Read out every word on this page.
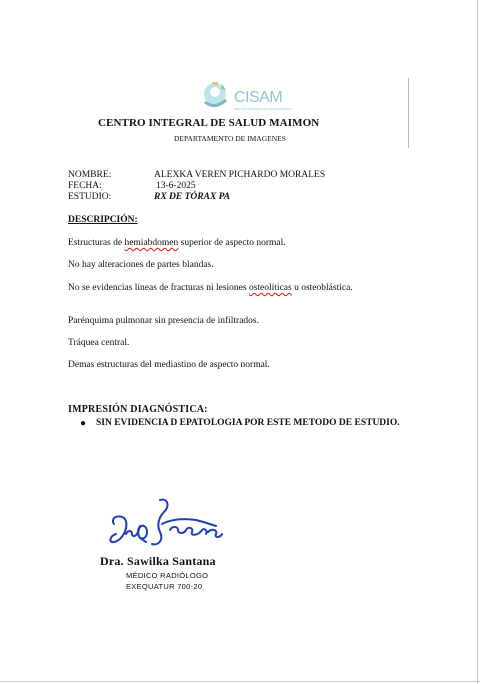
CISAM
CENTRO INTEGRAL DE SALUD MAIMON
CENTRO INTEGRAL DE SALUD MAIMON
DEPARTAMENTO DE IMAGENES
NOMBRE:	ALEXKA VEREN PICHARDO MORALES
FECHA:	13-6-2025
ESTUDIO:	RX DE TÓRAX PA
DESCRIPCIÓN:
Estructuras de hemiabdomen superior de aspecto normal.
No hay alteraciones de partes blandas.
No se evidencias líneas de fracturas ni lesiones osteolíticas u osteoblástica.
Parénquima pulmonar sin presencia de infiltrados.
Tráquea central.
Demas estructuras del mediastino de aspecto normal.
IMPRESIÓN DIAGNÓSTICA:
●	SIN EVIDENCIA D EPATOLOGIA POR ESTE METODO DE ESTUDIO.
Dra. Sawilka Santana
MÉDICO RADIÓLOGO
EXEQUATUR 700-20
